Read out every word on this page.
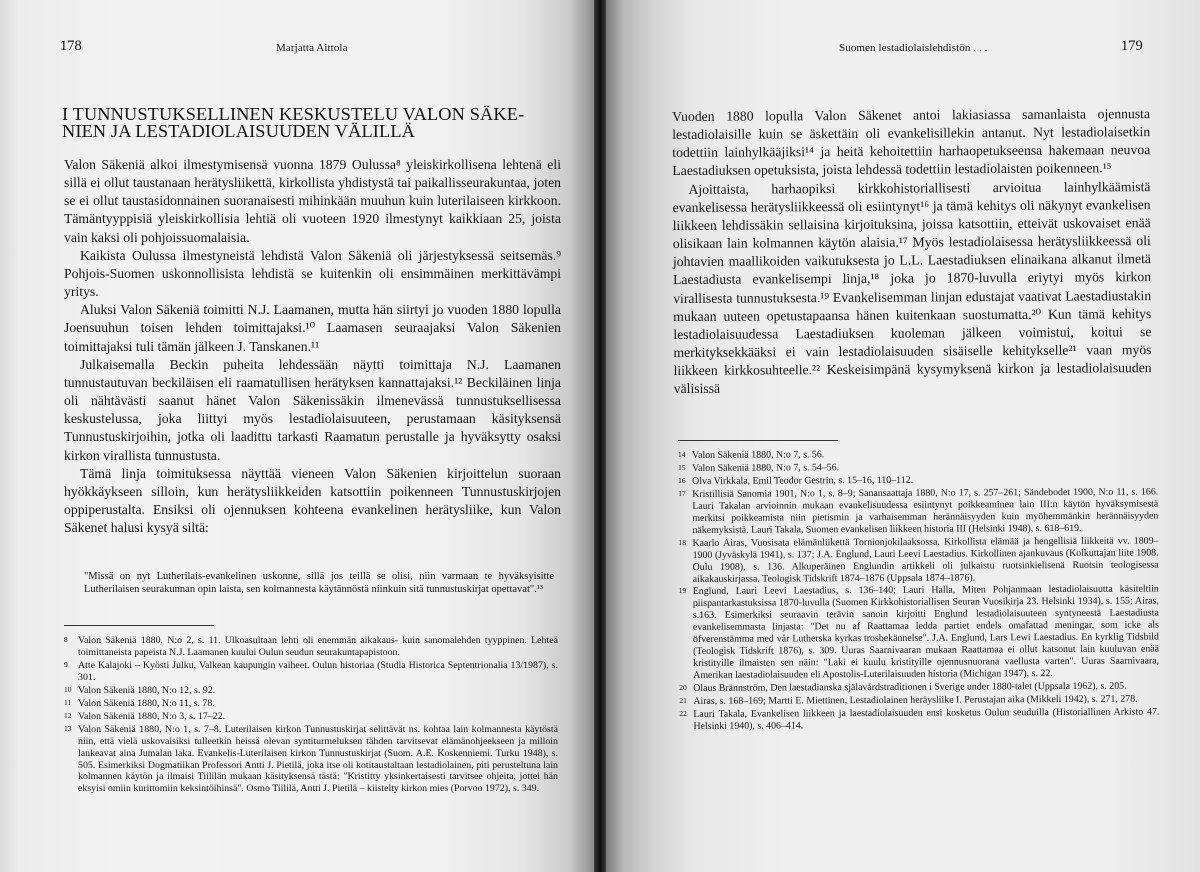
178	Marjatta Aittola
I TUNNUSTUKSELLINEN KESKUSTELU VALON SÄKE-
NIEN JA LESTADIOLAISUUDEN VÄLILLÄ

Valon Säkeniä alkoi ilmestymisensä vuonna 1879 Oulussa⁸ yleiskirkollisena lehtenä eli sillä ei ollut taustanaan herätysliikettä, kirkollista yhdistystä tai paikallisseurakuntaa, joten se ei ollut taustasidonnainen suoranaisesti mihinkään muuhun kuin luterilaiseen kirkkoon. Tämäntyyppisiä yleiskirkollisia lehtiä oli vuoteen 1920 ilmestynyt kaikkiaan 25, joista vain kaksi oli pohjoissuomalaisia.

Kaikista Oulussa ilmestyneistä lehdistä Valon Säkeniä oli järjestyksessä seitsemäs.⁹ Pohjois-Suomen uskonnollisista lehdistä se kuitenkin oli ensimmäinen merkittävämpi yritys.

Aluksi Valon Säkeniä toimitti N.J. Laamanen, mutta hän siirtyi jo vuoden 1880 lopulla Joensuuhun toisen lehden toimittajaksi.¹⁰ Laamasen seuraajaksi Valon Säkenien toimittajaksi tuli tämän jälkeen J. Tanskanen.¹¹

Julkaisemalla Beckin puheita lehdessään näytti toimittaja N.J. Laamanen tunnustautuvan beckiläisen eli raamatullisen herätyksen kannattajaksi.¹² Beckiläinen linja oli nähtävästi saanut hänet Valon Säkenissäkin ilmenevässä tunnustuksellisessa keskustelussa, joka liittyi myös lestadiolaisuuteen, perustamaan käsityksensä Tunnustuskirjoihin, jotka oli laadittu tarkasti Raamatun perustalle ja hyväksytty osaksi kirkon virallista tunnustusta.

Tämä linja toimituksessa näyttää vieneen Valon Säkenien kirjoittelun suoraan hyökkäykseen silloin, kun herätysliikkeiden katsottiin poikenneen Tunnustuskirjojen oppiperustalta. Ensiksi oli ojennuksen kohteena evankelinen herätysliike, kun Valon Säkenet halusi kysyä siltä:

"Missä on nyt Lutherilais-evankelinen uskonne, sillä jos teillä se olisi, niin varmaan te hyväksyisitte Lutherilaisen seurakunnan opin laista, sen kolmannesta käytännöstä niinkuin sitä tunnustuskirjat opettavat".¹³

8 Valon Säkeniä 1880, N:o 2, s. 11. Ulkoasultaan lehti oli enemmän aikakaus- kuin sanomalehden tyyppinen. Lehteä toimittaneista papeista N.J. Laamanen kuului Oulun seudun seurakuntapapistoon.

9 Atte Kalajoki – Kyösti Julku, Valkean kaupungin vaiheet. Oulun historiaa (Studia Historica Septentrionalia 13/1987), s. 301.

10 Valon Säkeniä 1880, N:o 12, s. 92.

11 Valon Säkeniä 1880, N:o 11, s. 78.

12 Valon Säkeniä 1880, N:o 3, s. 17–22.

13 Valon Säkeniä 1880, N:o 1, s. 7–8. Luterilaisen kirkon Tunnustuskirjat selittävät ns. kohtaa lain kolmannesta käytöstä niin, että vielä uskovaisiksi tulleetkin heissä olevan syntiturmeluksen tähden tarvitsevat elämänohjeekseen ja milloin lankeavat aina Jumalan laka. Evankelis-Luterilaisen kirkon Tunnustuskirjat (Suom. A.E. Koskenniemi. Turku 1948), s. 505. Esimerkiksi Dogmatiikan Professori Antti J. Pietilä, joka itse oli kotitaustaltaan lestadiolainen, piti perusteltuna lain kolmannen käytön ja ilmaisi Tiililän mukaan käsityksensä tästä: "Kristitty yksinkertaisesti tarvitsee ohjeita, jottei hän eksyisi omiin kurittomiin keksintöihinsä". Osmo Tiililä, Antti J. Pietilä – kiistelty kirkon mies (Porvoo 1972), s. 349.

179
Suomen lestadiolaislehdistön . . .

Vuoden 1880 lopulla Valon Säkenet antoi lakiasiassa samanlaista ojennusta lestadiolaisille kuin se äskettäin oli evankelisillekin antanut. Nyt lestadiolaisetkin todettiin lainhylkääjiksi¹⁴ ja heitä kehoitettiin harhaopetukseensa hakemaan neuvoa Laestadiuksen opetuksista, joista lehdessä todettiin lestadiolaisten poikenneen.¹⁵

Ajoittaista, harhaopiksi kirkkohistoriallisesti arvioitua lainhylkäämistä evankelisessa herätysliikkeessä oli esiintynyt¹⁶ ja tämä kehitys oli näkynyt evankelisen liikkeen lehdissäkin sellaisina kirjoituksina, joissa katsottiin, etteivät uskovaiset enää olisikaan lain kolmannen käytön alaisia.¹⁷ Myös lestadiolaisessa herätysliikkeessä oli johtavien maallikoiden vaikutuksesta jo L.L. Laestadiuksen elinaikana alkanut ilmetä Laestadiusta evankelisempi linja,¹⁸ joka jo 1870-luvulla eriytyi myös kirkon virallisesta tunnustuksesta.¹⁹ Evankelisemman linjan edustajat vaativat Laestadiustakin mukaan uuteen opetustapaansa hänen kuitenkaan suostumatta.²⁰ Kun tämä kehitys lestadiolaisuudessa Laestadiuksen kuoleman jälkeen voimistui, koitui se merkityksekkääksi ei vain lestadiolaisuuden sisäiselle kehitykselle²¹ vaan myös liikkeen kirkkosuhteelle.²² Keskeisimpänä kysymyksenä kirkon ja lestadiolaisuuden välisissä

14 Valon Säkeniä 1880, N:o 7, s. 56.

15 Valon Säkeniä 1880, N:o 7, s. 54–56.

16 Olva Virkkala, Emil Teodor Gestrin, s. 15–16, 110–112.

17 Kristillisiä Sanomia 1901, N:o 1, s. 8–9; Sanansaattaja 1880, N:o 17, s. 257–261; Sändebodet 1900, N:o 11, s. 166. Lauri Takalan arvioinnin mukaan evankelisuudessa esiintynyt poikkeaminen lain III:n käytön hyväksymisestä merkitsi poikkeamista niin pietismin ja varhaisemman herännäisyyden kuin myöhemmänkin herännäisyyden näkemyksistä. Lauri Takala, Suomen evankelisen liikkeen historia III (Helsinki 1948), s. 618–619.

18 Kaarlo Airas, Vuosisata elämänliikettä Tornionjokilaaksossa. Kirkollista elämää ja hengellisiä liikkeitä vv. 1809–1900 (Jyväskylä 1941), s. 137; J.A. Englund, Lauri Leevi Laestadius. Kirkollinen ajankuvaus (Kolkuttajan liite 1908. Oulu 1908), s. 136. Alkuperäinen Englundin artikkeli oli julkaistu ruotsinkielisenä Ruotsin teologisessa aikakauskirjassa. Teologisk Tidskrift 1874–1876 (Uppsala 1874–1876).

19 Englund, Lauri Leevi Laestadius, s. 136–140; Lauri Halla, Miten Pohjanmaan lestadiolaisuutta käsiteltiin piispantarkastuksissa 1870-luvulla (Suomen Kirkkohistoriallisen Seuran Vuosikirja 23. Helsinki 1934), s. 155; Airas, s.163. Esimerkiksi seuraavin terävin sanoin kirjoitti Englund lestadiolaisuuteen syntyneestä Laestadiusta evankelisemmasta linjasta: "Det nu af Raattamaa ledda partiet endels omafattad meningar, som icke als öfverenstämma med vår Lutherska kyrkas trosbekännelse". J.A. Englund, Lars Lewi Laestadius. En kyrklig Tidsbild (Teologisk Tidskrift 1876), s. 309. Uuras Saarnivaaran mukaan Raattamaa ei ollut katsonut lain kuuluvan enää kristityille ilmaisten sen näin: "Laki ei kuulu kristityille ojennusnuorana vaellusta varten". Uuras Saarnivaara, Amerikan laestadiolaisuuden eli Apostolis-Luterilaisuuden historia (Michigan 1947), s. 22.

20 Olaus Brännström, Den laestadianska själavårdstraditionen i Sverige under 1880-talet (Uppsala 1962), s. 205.

21 Airas, s. 168–169; Martti E. Miettinen, Lestadiolainen heräysliike I. Perustajan aika (Mikkeli 1942), s. 271, 278.

22 Lauri Takala, Evankelisen liikkeen ja laestadiolaisuuden ensi kosketus Oulun seuduilla (Historiallinen Arkisto 47. Helsinki 1940), s. 406–414.
